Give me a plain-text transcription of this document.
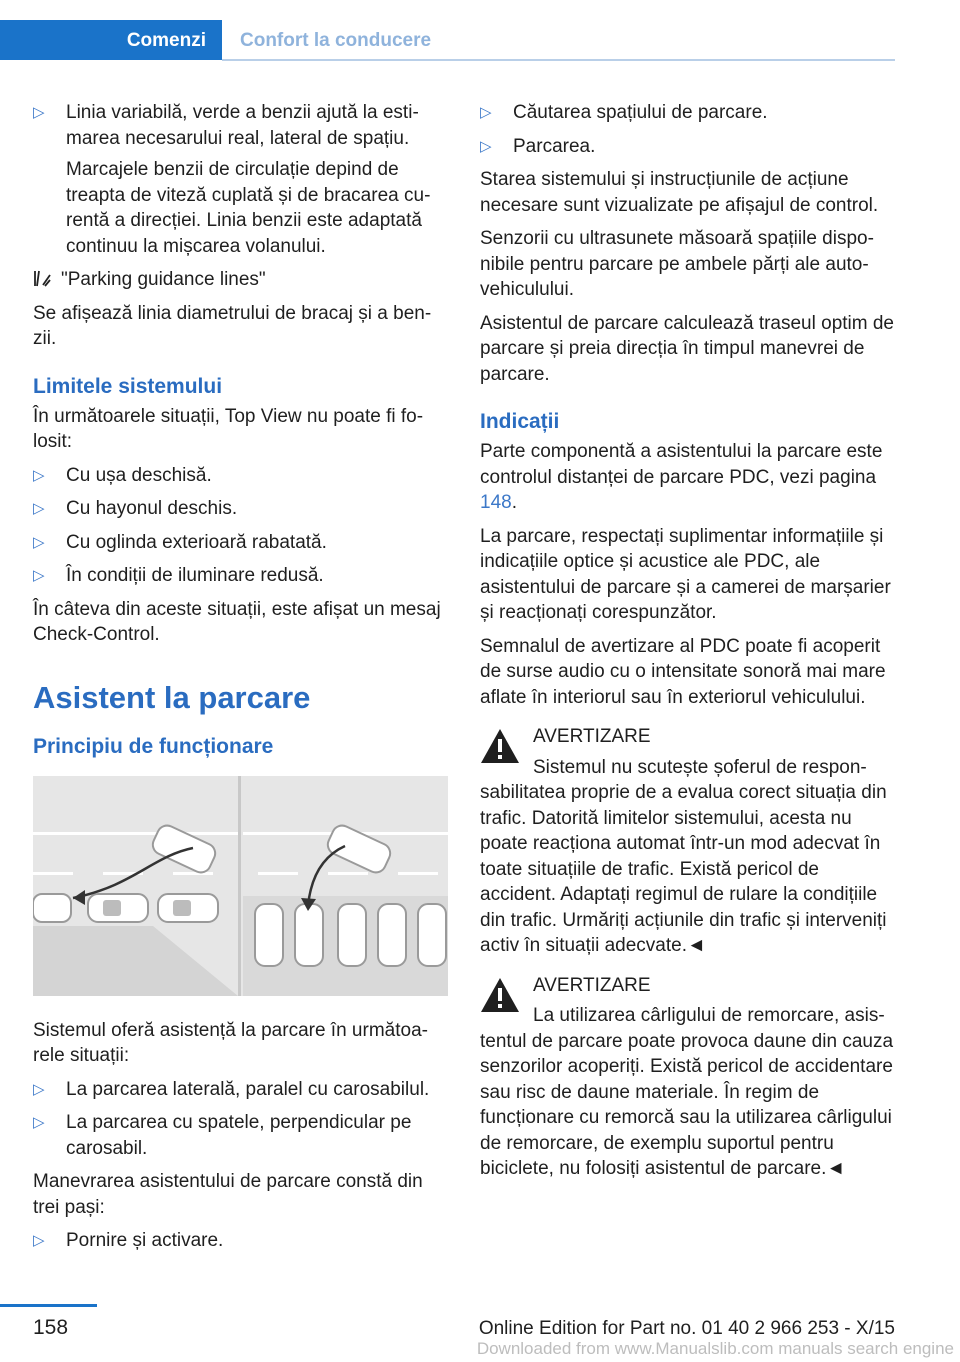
Comenzi Confort la conducere
▷ Linia variabilă, verde a benzii ajută la estimarea necesarului real, lateral de spațiu.
Marcajele benzii de circulație depind de treapta de viteză cuplată și de bracarea curentă a direcției. Linia benzii este adaptată continuu la mișcarea volanului.
"Parking guidance lines"

Se afișează linia diametrului de bracaj și a benzii.

Limitele sistemului

În următoarele situații, Top View nu poate fi folosit:

▷ Cu ușa deschisă.
▷ Cu hayonul deschis.
▷ Cu oglinda exterioară rabatată.
▷ În condiții de iluminare redusă.

În câteva din aceste situații, este afișat un mesaj Check-Control.

Asistent la parcare
Principiu de funcționare

Sistemul oferă asistență la parcare în următoarele situații:

▷ La parcarea laterală, paralel cu carosabilul.
▷ La parcarea cu spatele, perpendicular pe carosabil.

Manevrarea asistentului de parcare constă din trei pași:

▷ Pornire și activare.
▷ Căutarea spațiului de parcare.
▷ Parcarea.

Starea sistemului și instrucțiunile de acțiune necesare sunt vizualizate pe afișajul de control.

Senzorii cu ultrasunete măsoară spațiile disponibile pentru parcare pe ambele părți ale autovehiculului.

Asistentul de parcare calculează traseul optim de parcare și preia direcția în timpul manevrei de parcare.

Indicații

Parte componentă a asistentului la parcare este controlul distanței de parcare PDC, vezi pagina 148.

La parcare, respectați suplimentar informațiile și indicațiile optice și acustice ale PDC, ale asistentului de parcare și a camerei de marșarier și reacționați corespunzător.

Semnalul de avertizare al PDC poate fi acoperit de surse audio cu o intensitate sonoră mai mare aflate în interiorul sau în exteriorul vehiculului.

AVERTIZARE
Sistemul nu scutește șoferul de responsabilitatea proprie de a evalua corect situația din trafic. Datorită limitelor sistemului, acesta nu poate reacționa automat într-un mod adecvat în toate situațiile de trafic. Există pericol de accident. Adaptați regimul de rulare la condițiile din trafic. Urmăriți acțiunile din trafic și interveniți activ în situații adecvate.◄
AVERTIZARE
La utilizarea cârligului de remorcare, asistentul de parcare poate provoca daune din cauza senzorilor acoperiți. Există pericol de accidentare sau risc de daune materiale. În regim de funcționare cu remorcă sau la utilizarea cârligului de remorcare, de exemplu suportul pentru biciclete, nu folosiți asistentul de parcare.◄
158	Online Edition for Part no. 01 40 2 966 253 - X/15
Downloaded from www.Manualslib.com manuals search engine
